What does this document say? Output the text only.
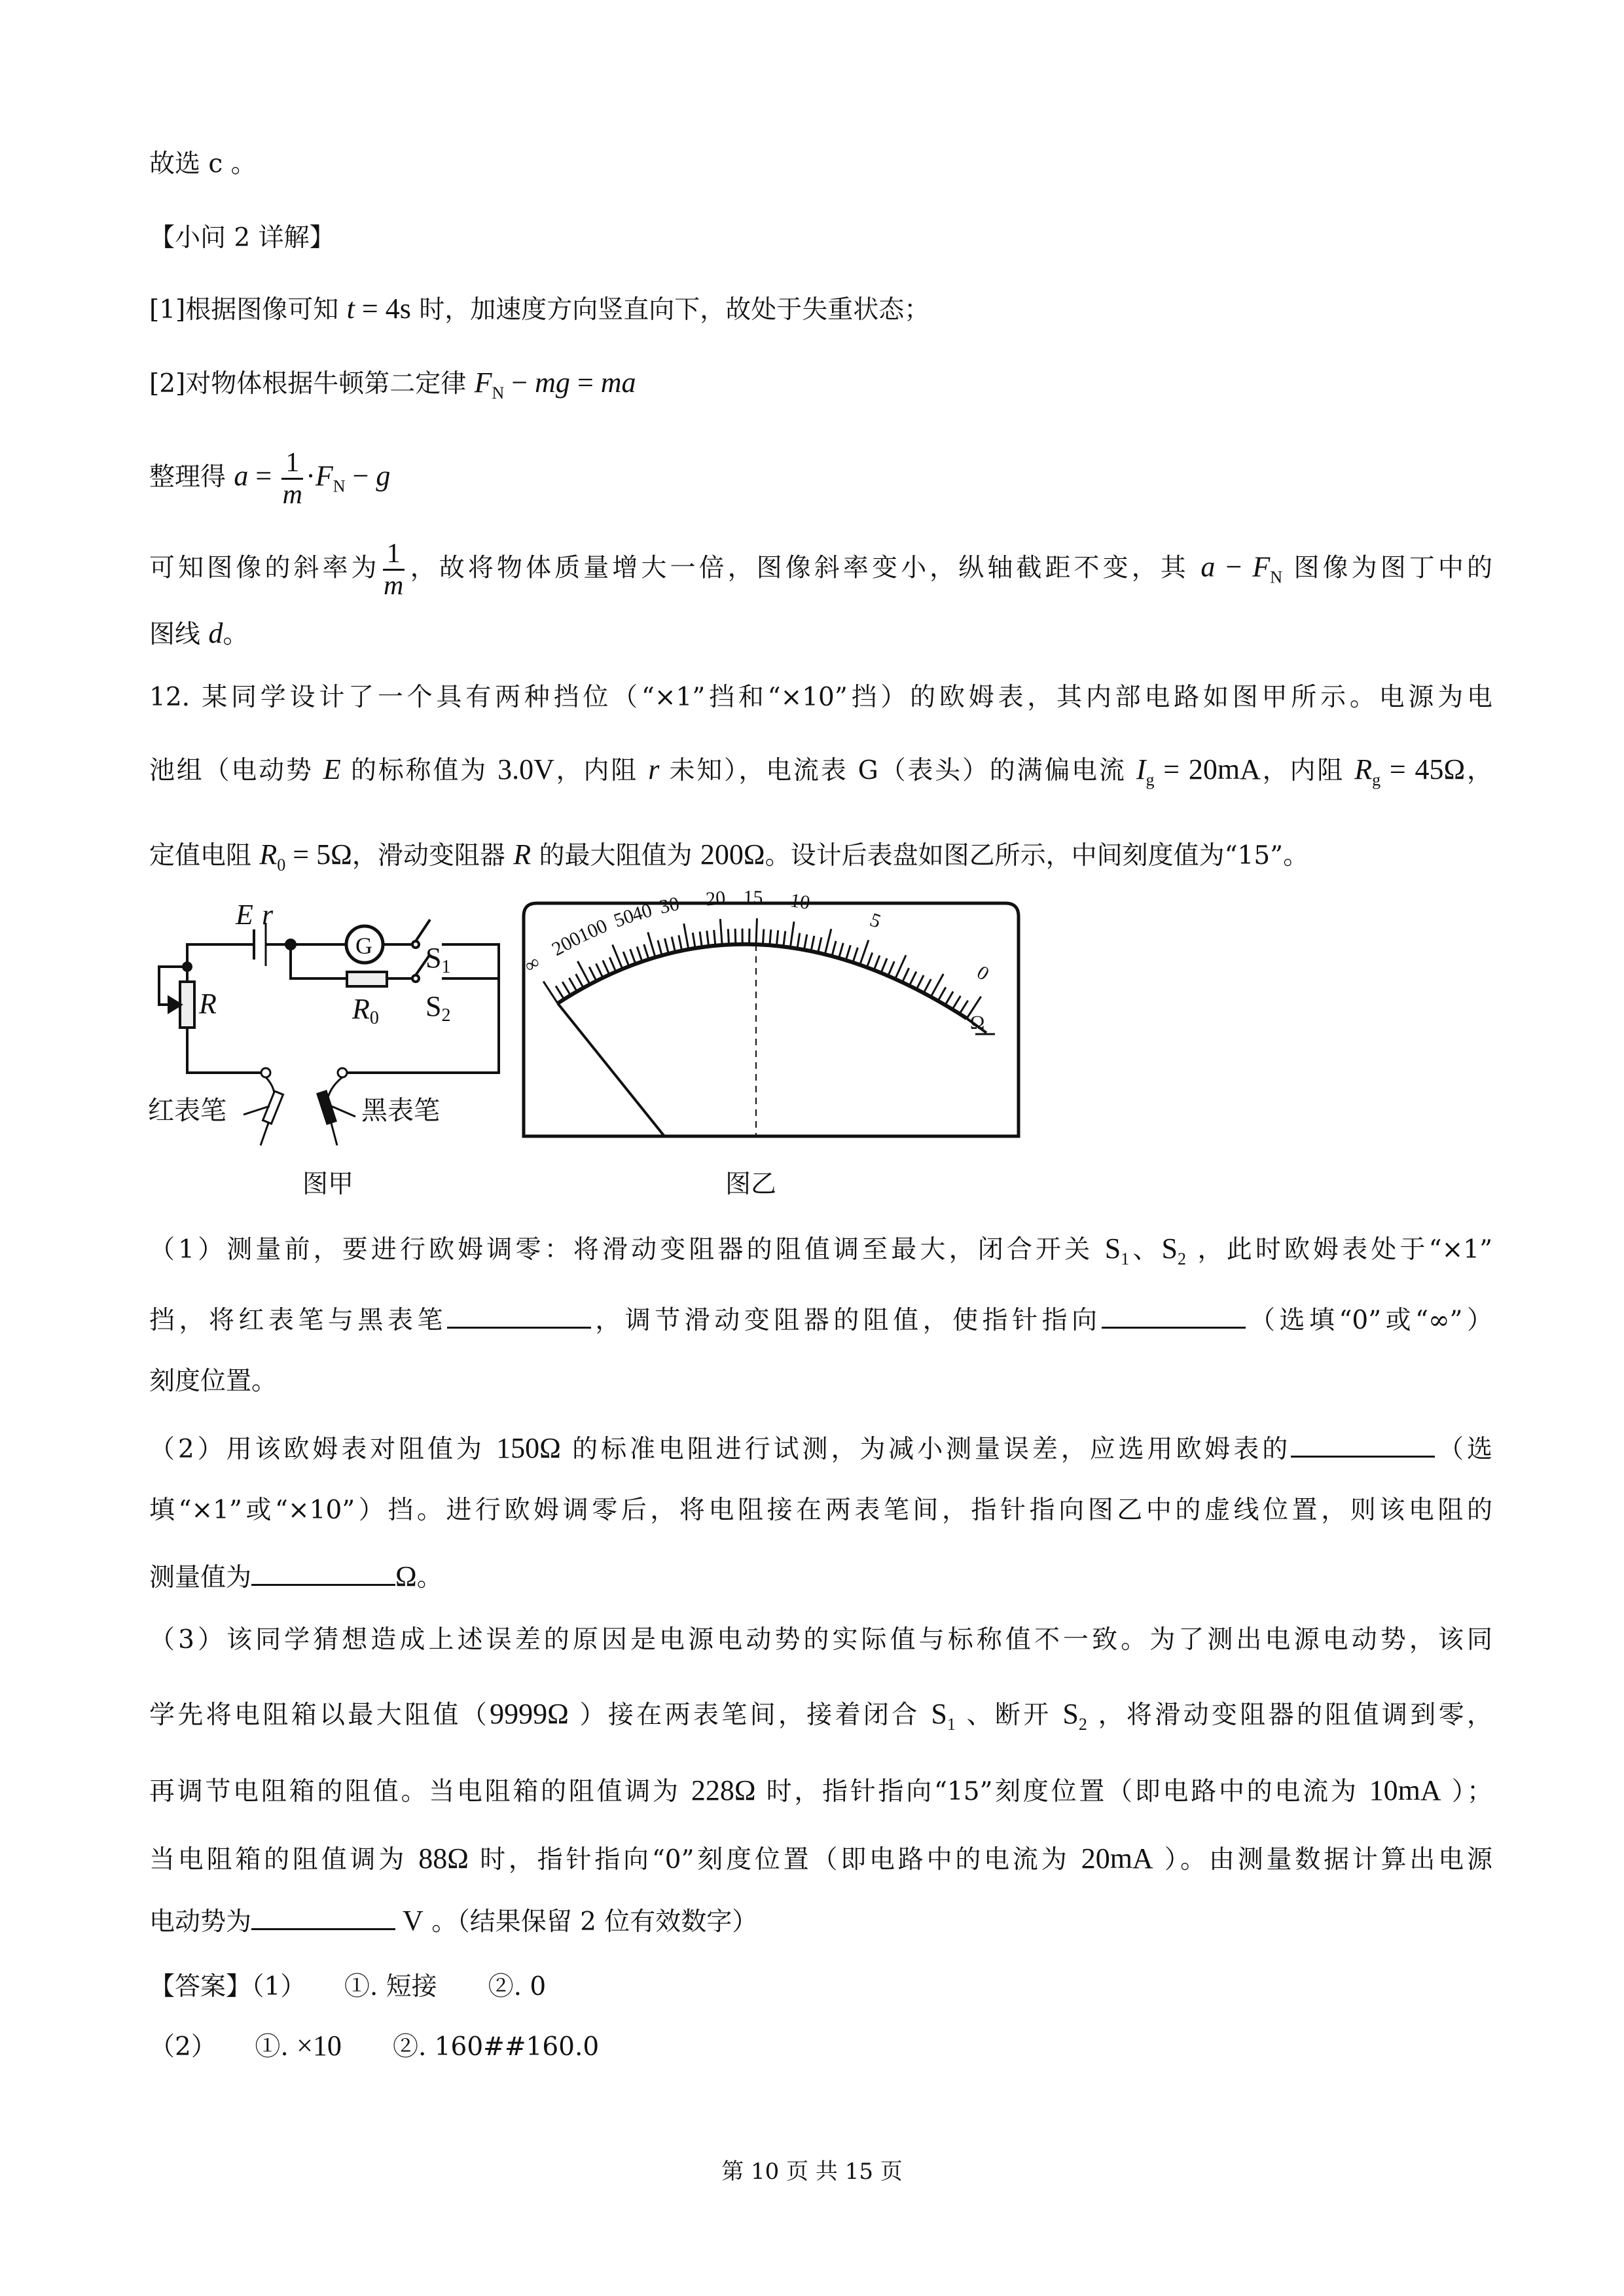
故选 c 。
【小问 2 详解】
[1]根据图像可知 t = 4s 时，加速度方向竖直向下，故处于失重状态；
[2]对物体根据牛顿第二定律 $F_N$ − mg = ma
整理得 $a = \frac{1}{m} \cdot F_N - g$
可知图像的斜率为 $\frac{1}{m}$ ，故将物体质量增大一倍，图像斜率变小，纵轴截距不变，其 $a - F_N$ 图像为图丁中的
图线 d。
12. 某同学设计了一个具有两种挡位（“×1”挡和“×10”挡）的欧姆表，其内部电路如图甲所示。电源为电
池组（电动势 E 的标称值为 3.0V，内阻 r 未知），电流表 G（表头）的满偏电流 $I_g = 20mA$，内阻 $R_g = 45\Omega$，
定值电阻 $R_0 = 5\Omega$，滑动变阻器 R 的最大阻值为 200Ω。设计后表盘如图乙所示，中间刻度值为“15”。
（1）测量前，要进行欧姆调零：将滑动变阻器的阻值调至最大，闭合开关 $S_1$、$S_2$ ，此时欧姆表处于“×1”
挡，将红表笔与黑表笔	，调节滑动变阻器的阻值，使指针指向	（选填“0”或“∞”）
刻度位置。
（2）用该欧姆表对阻值为 150Ω 的标准电阻进行试测，为减小测量误差，应选用欧姆表的	（选
填“×1”或“×10”）挡。进行欧姆调零后，将电阻接在两表笔间，指针指向图乙中的虚线位置，则该电阻的
测量值为	Ω。
（3）该同学猜想造成上述误差的原因是电源电动势的实际值与标称值不一致。为了测出电源电动势，该同
学先将电阻箱以最大阻值（9999Ω ）接在两表笔间，接着闭合 $S_1$ 、断开 $S_2$ ，将滑动变阻器的阻值调到零，
再调节电阻箱的阻值。当电阻箱的阻值调为 228Ω 时，指针指向“15”刻度位置（即电路中的电流为 10mA ）；
当电阻箱的阻值调为 88Ω 时，指针指向“0”刻度位置（即电路中的电流为 20mA ）。由测量数据计算出电源
电动势为	V 。（结果保留 2 位有效数字）
【答案】（1）　　①. 短接　　②. 0
（2）　　①. ×10　　②. 160##160.0
E r
G
R	R0
S1
S2
红表笔	黑表笔
∞
200
100 50
40 30 20 15 10
5
0
Ω
图甲	图乙
第 10 页 共 15 页
